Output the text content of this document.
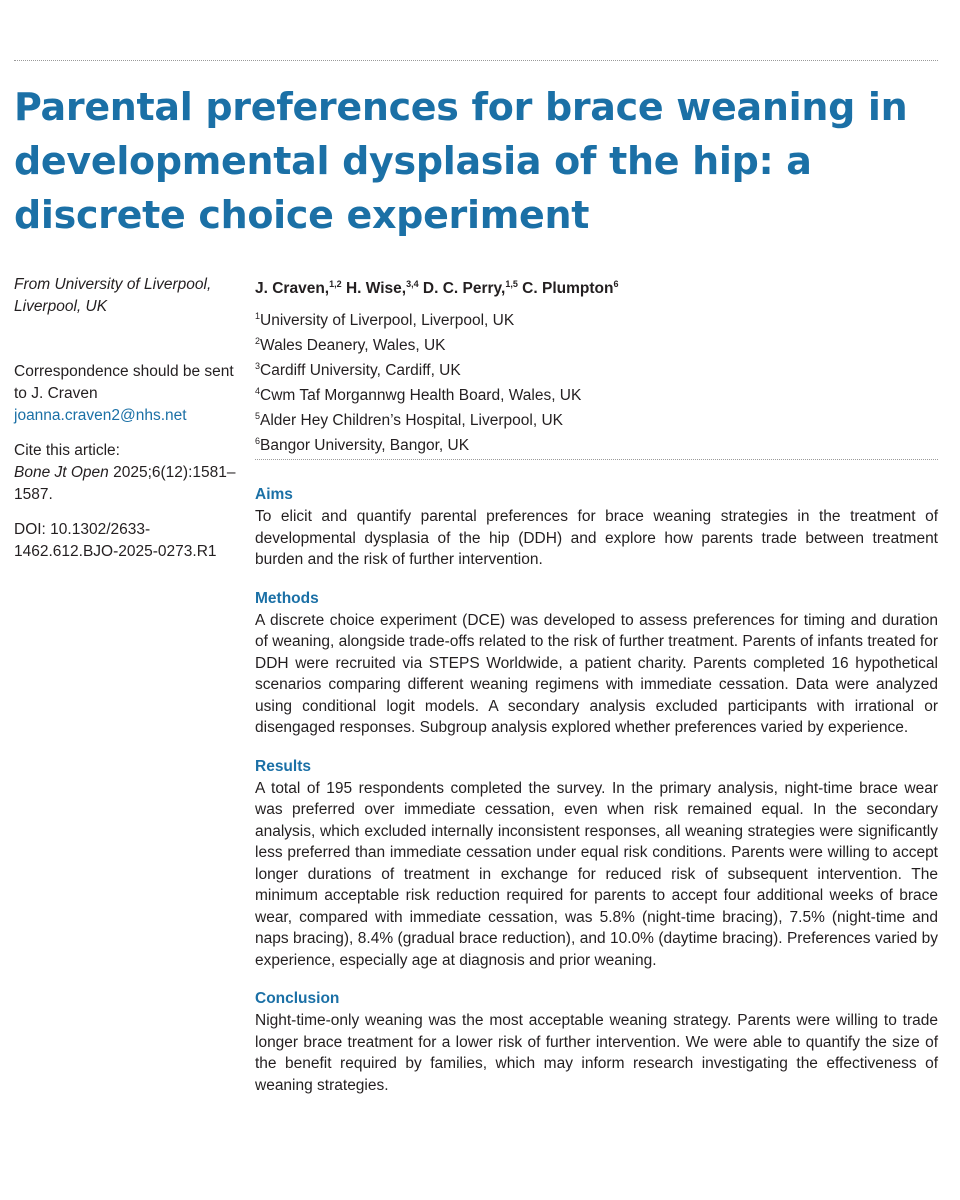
Parental preferences for brace weaning in developmental dysplasia of the hip: a discrete choice experiment

From University of Liverpool, Liverpool, UK

Correspondence should be sent to J. Craven joanna.craven2@nhs.net

Cite this article:

Bone Jt Open 2025;6(12):1581–1587.

DOI: 10.1302/2633-1462.612.BJO-2025-0273.R1

J. Craven,$^{1,2}$ H. Wise,$^{3,4}$ D. C. Perry,$^{1,5}$ C. Plumpton$^6$
$^1$University of Liverpool, Liverpool, UK
$^2$Wales Deanery, Wales, UK
$^3$Cardiff University, Cardiff, UK
$^4$Cwm Taf Morgannwg Health Board, Wales, UK
$^5$Alder Hey Children’s Hospital, Liverpool, UK
$^6$Bangor University, Bangor, UK
Aims

To elicit and quantify parental preferences for brace weaning strategies in the treatment of developmental dysplasia of the hip (DDH) and explore how parents trade between treatment burden and the risk of further intervention.

Methods

A discrete choice experiment (DCE) was developed to assess preferences for timing and duration of weaning, alongside trade-offs related to the risk of further treatment. Parents of infants treated for DDH were recruited via STEPS Worldwide, a patient charity. Parents completed 16 hypothetical scenarios comparing different weaning regimens with immediate cessation. Data were analyzed using conditional logit models. A secondary analysis excluded participants with irrational or disengaged responses. Subgroup analysis explored whether preferences varied by experience.

Results

A total of 195 respondents completed the survey. In the primary analysis, night-time brace wear was preferred over immediate cessation, even when risk remained equal. In the secondary analysis, which excluded internally inconsistent responses, all weaning strategies were significantly less preferred than immediate cessation under equal risk conditions. Parents were willing to accept longer durations of treatment in exchange for reduced risk of subsequent intervention. The minimum acceptable risk reduction required for parents to accept four additional weeks of brace wear, compared with immediate cessation, was 5.8% (night-time bracing), 7.5% (night-time and naps bracing), 8.4% (gradual brace reduction), and 10.0% (daytime bracing). Preferences varied by experience, especially age at diagnosis and prior weaning.

Conclusion

Night-time-only weaning was the most acceptable weaning strategy. Parents were willing to trade longer brace treatment for a lower risk of further intervention. We were able to quantify the size of the benefit required by families, which may inform research investigating the effectiveness of weaning strategies.
